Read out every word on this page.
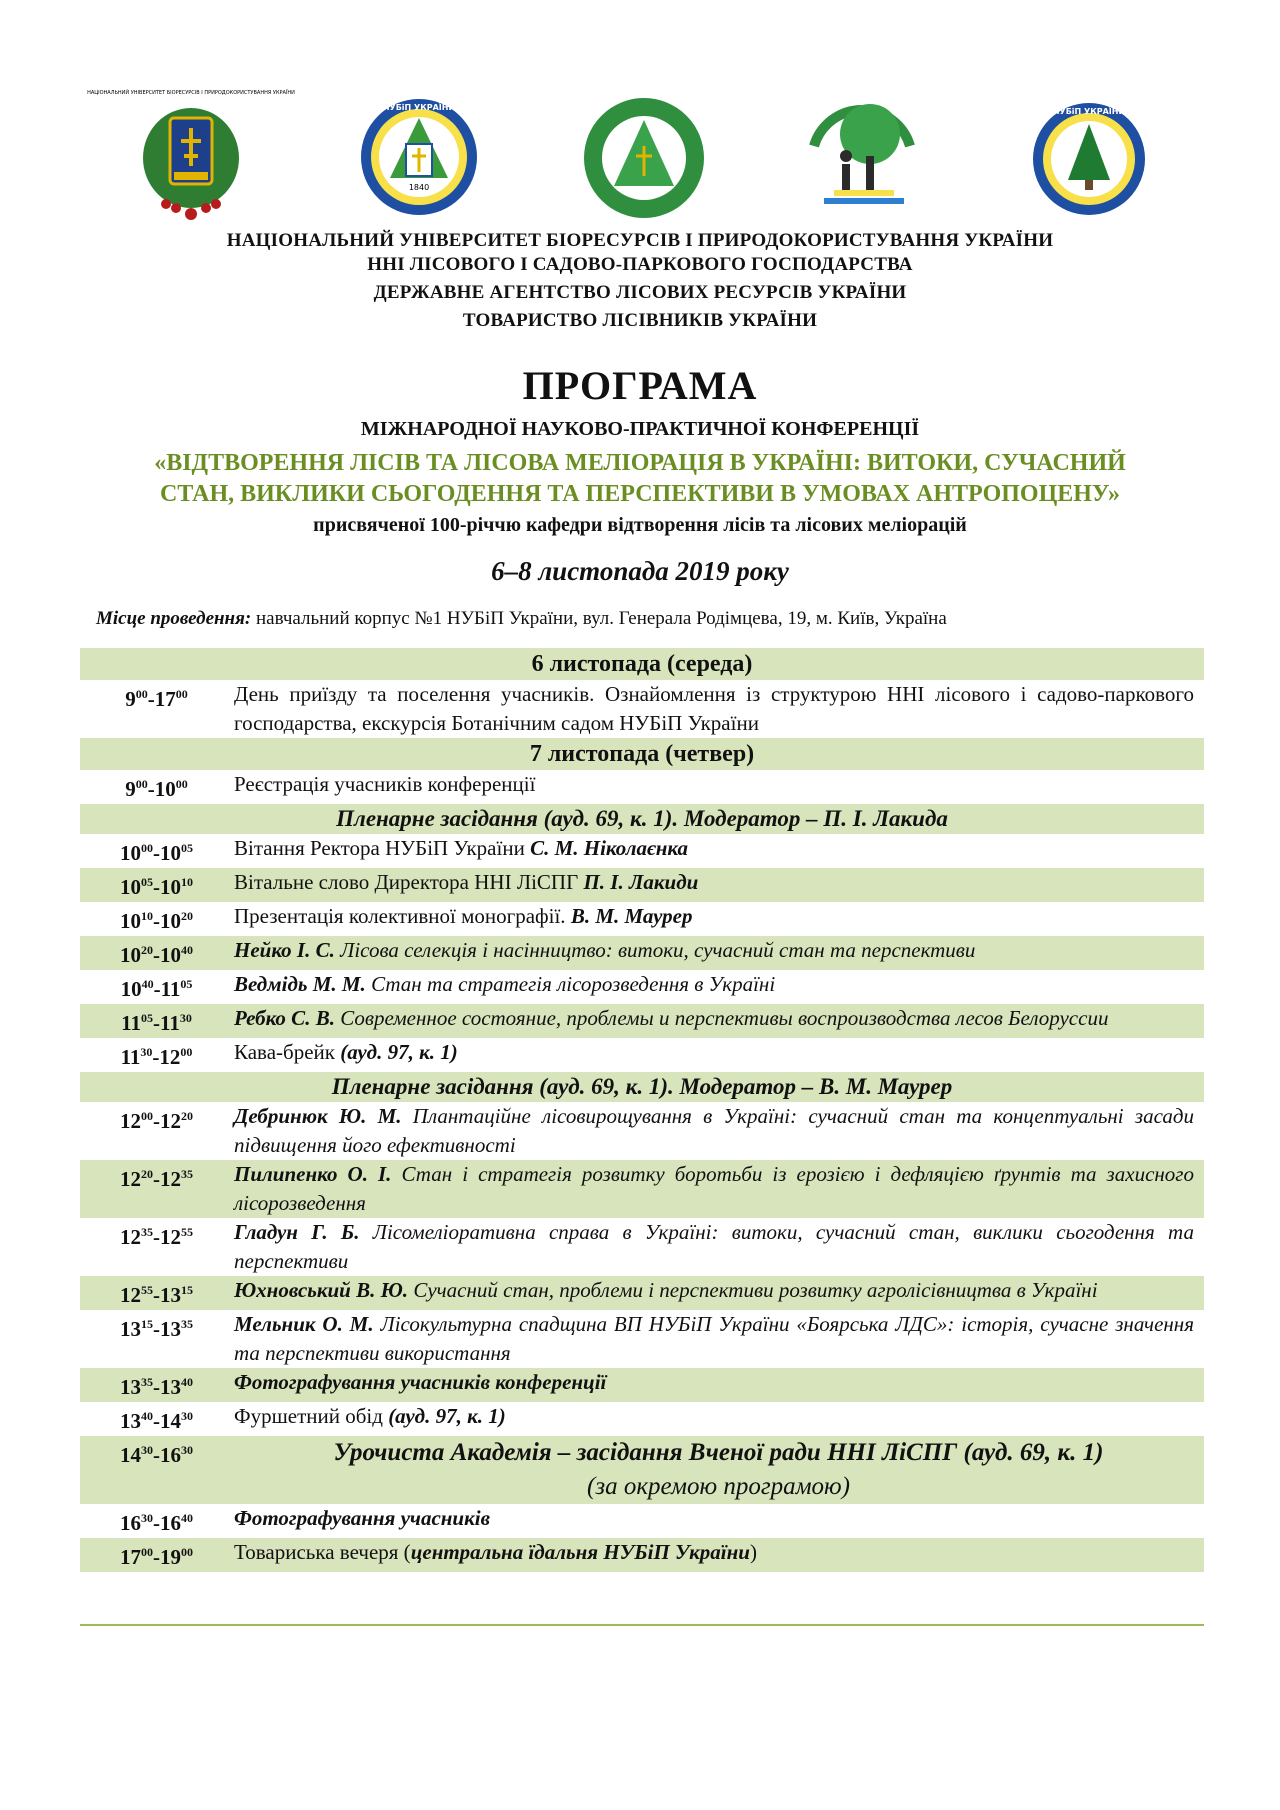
НАЦІОНАЛЬНИЙ УНІВЕРСИТЕТ БІОРЕСУРСІВ І ПРИРОДОКОРИСТУВАННЯ УКРАЇНИ
1840
НУБіП УКРАЇНИ	НУБіП УКРАЇНИ
НАЦІОНАЛЬНИЙ УНІВЕРСИТЕТ БІОРЕСУРСІВ І ПРИРОДОКОРИСТУВАННЯ УКРАЇНИ
ННІ ЛІСОВОГО І САДОВО-ПАРКОВОГО ГОСПОДАРСТВА
ДЕРЖАВНЕ АГЕНТСТВО ЛІСОВИХ РЕСУРСІВ УКРАЇНИ
ТОВАРИСТВО ЛІСІВНИКІВ УКРАЇНИ
ПРОГРАМА
МІЖНАРОДНОЇ НАУКОВО-ПРАКТИЧНОЇ КОНФЕРЕНЦІЇ
«ВІДТВОРЕННЯ ЛІСІВ ТА ЛІСОВА МЕЛІОРАЦІЯ В УКРАЇНІ: ВИТОКИ, СУЧАСНИЙ
СТАН, ВИКЛИКИ СЬОГОДЕННЯ ТА ПЕРСПЕКТИВИ В УМОВАХ АНТРОПОЦЕНУ»
присвяченої 100-річчю кафедри відтворення лісів та лісових меліорацій
6–8 листопада 2019 року
Місце проведення: навчальний корпус №1 НУБіП України, вул. Генерала Родімцева, 19, м. Київ, Україна
6 листопада (середа)
$9^{00}-17^{00}$	День приїзду та поселення учасників. Ознайомлення із структурою ННІ лісового і садово-паркового господарства, екскурсія Ботанічним садом НУБіП України
7 листопада (четвер)
$9^{00}-10^{00}$	Реєстрація учасників конференції
Пленарне засідання (ауд. 69, к. 1). Модератор – П. І. Лакида
$10^{00}-10^{05}$	Вітання Ректора НУБіП України С. М. Ніколаєнка
$10^{05}-10^{10}$	Вітальне слово Директора ННІ ЛіСПГ П. І. Лакиди
$10^{10}-10^{20}$	Презентація колективної монографії. В. М. Маурер
$10^{20}-10^{40}$	Нейко І. С. Лісова селекція і насінництво: витоки, сучасний стан та перспективи
$10^{40}-11^{05}$	Ведмідь М. М. Стан та стратегія лісорозведення в Україні
$11^{05}-11^{30}$	Ребко С. В. Современное состояние, проблемы и перспективы воспроизводства лесов Белоруссии
$11^{30}-12^{00}$	Кава-брейк (ауд. 97, к. 1)
Пленарне засідання (ауд. 69, к. 1). Модератор – В. М. Маурер
$12^{00}-12^{20}$	Дебринюк Ю. М. Плантаційне лісовирощування в Україні: сучасний стан та концептуальні засади підвищення його ефективності
$12^{20}-12^{35}$	Пилипенко О. І. Стан і стратегія розвитку боротьби із ерозією і дефляцією ґрунтів та захисного лісорозведення
$12^{35}-12^{55}$	Гладун Г. Б. Лісомеліоративна справа в Україні: витоки, сучасний стан, виклики сьогодення та перспективи
$12^{55}-13^{15}$	Юхновський В. Ю. Сучасний стан, проблеми і перспективи розвитку агролісівництва в Україні
$13^{15}-13^{35}$	Мельник О. М. Лісокультурна спадщина ВП НУБіП України «Боярська ЛДС»: історія, сучасне значення та перспективи використання
$13^{35}-13^{40}$	Фотографування учасників конференції
$13^{40}-14^{30}$	Фуршетний обід (ауд. 97, к. 1)
$14^{30}-16^{30}$	Урочиста Академія – засідання Вченої ради ННІ ЛіСПГ (ауд. 69, к. 1)
(за окремою програмою)
$16^{30}-16^{40}$	Фотографування учасників
$17^{00}-19^{00}$	Товариська вечеря (центральна їдальня НУБіП України)
